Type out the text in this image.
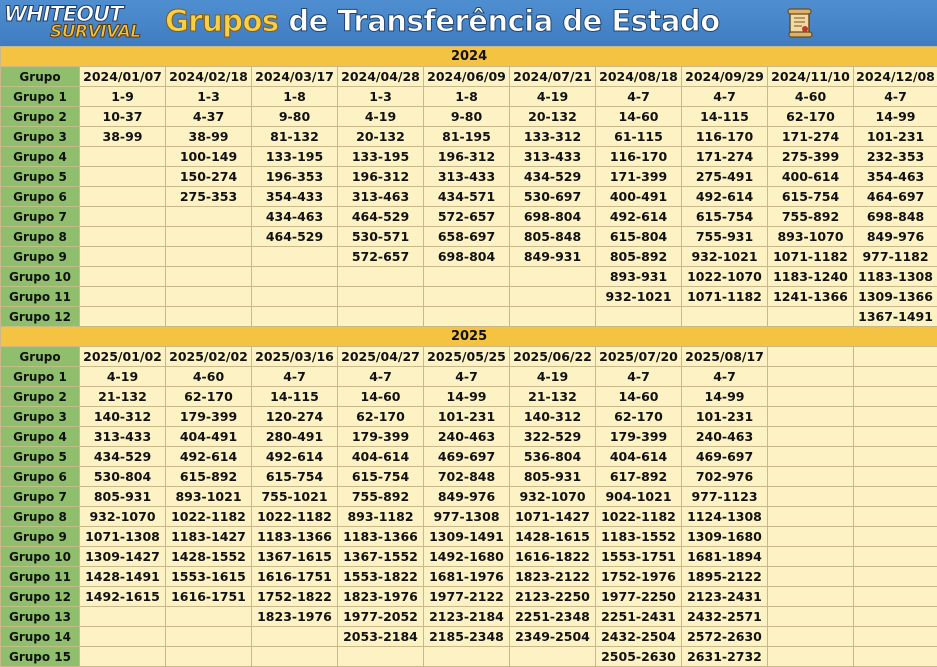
WHITEOUT
SURVIVAL Grupos de Transferência de Estado
2024										
Grupo	2024/01/07	2024/02/18	2024/03/17	2024/04/28	2024/06/09	2024/07/21	2024/08/18	2024/09/29	2024/11/10	2024/12/08
Grupo 1	1-9	1-3	1-8	1-3	1-8	4-19	4-7	4-7	4-60	4-7
Grupo 2	10-37	4-37	9-80	4-19	9-80	20-132	14-60	14-115	62-170	14-99
Grupo 3	38-99	38-99	81-132	20-132	81-195	133-312	61-115	116-170	171-274	101-231
Grupo 4		100-149	133-195	133-195	196-312	313-433	116-170	171-274	275-399	232-353
Grupo 5		150-274	196-353	196-312	313-433	434-529	171-399	275-491	400-614	354-463
Grupo 6		275-353	354-433	313-463	434-571	530-697	400-491	492-614	615-754	464-697
Grupo 7			434-463	464-529	572-657	698-804	492-614	615-754	755-892	698-848
Grupo 8			464-529	530-571	658-697	805-848	615-804	755-931	893-1070	849-976
Grupo 9				572-657	698-804	849-931	805-892	932-1021	1071-1182	977-1182
Grupo 10							893-931	1022-1070	1183-1240	1183-1308
Grupo 11							932-1021	1071-1182	1241-1366	1309-1366
Grupo 12										1367-1491
2025										
Grupo	2025/01/02	2025/02/02	2025/03/16	2025/04/27	2025/05/25	2025/06/22	2025/07/20	2025/08/17		
Grupo 1	4-19	4-60	4-7	4-7	4-7	4-19	4-7	4-7		
Grupo 2	21-132	62-170	14-115	14-60	14-99	21-132	14-60	14-99		
Grupo 3	140-312	179-399	120-274	62-170	101-231	140-312	62-170	101-231		
Grupo 4	313-433	404-491	280-491	179-399	240-463	322-529	179-399	240-463		
Grupo 5	434-529	492-614	492-614	404-614	469-697	536-804	404-614	469-697		
Grupo 6	530-804	615-892	615-754	615-754	702-848	805-931	617-892	702-976		
Grupo 7	805-931	893-1021	755-1021	755-892	849-976	932-1070	904-1021	977-1123		
Grupo 8	932-1070	1022-1182	1022-1182	893-1182	977-1308	1071-1427	1022-1182	1124-1308		
Grupo 9	1071-1308	1183-1427	1183-1366	1183-1366	1309-1491	1428-1615	1183-1552	1309-1680		
Grupo 10	1309-1427	1428-1552	1367-1615	1367-1552	1492-1680	1616-1822	1553-1751	1681-1894		
Grupo 11	1428-1491	1553-1615	1616-1751	1553-1822	1681-1976	1823-2122	1752-1976	1895-2122		
Grupo 12	1492-1615	1616-1751	1752-1822	1823-1976	1977-2122	2123-2250	1977-2250	2123-2431		
Grupo 13			1823-1976	1977-2052	2123-2184	2251-2348	2251-2431	2432-2571		
Grupo 14				2053-2184	2185-2348	2349-2504	2432-2504	2572-2630		
Grupo 15							2505-2630	2631-2732		
